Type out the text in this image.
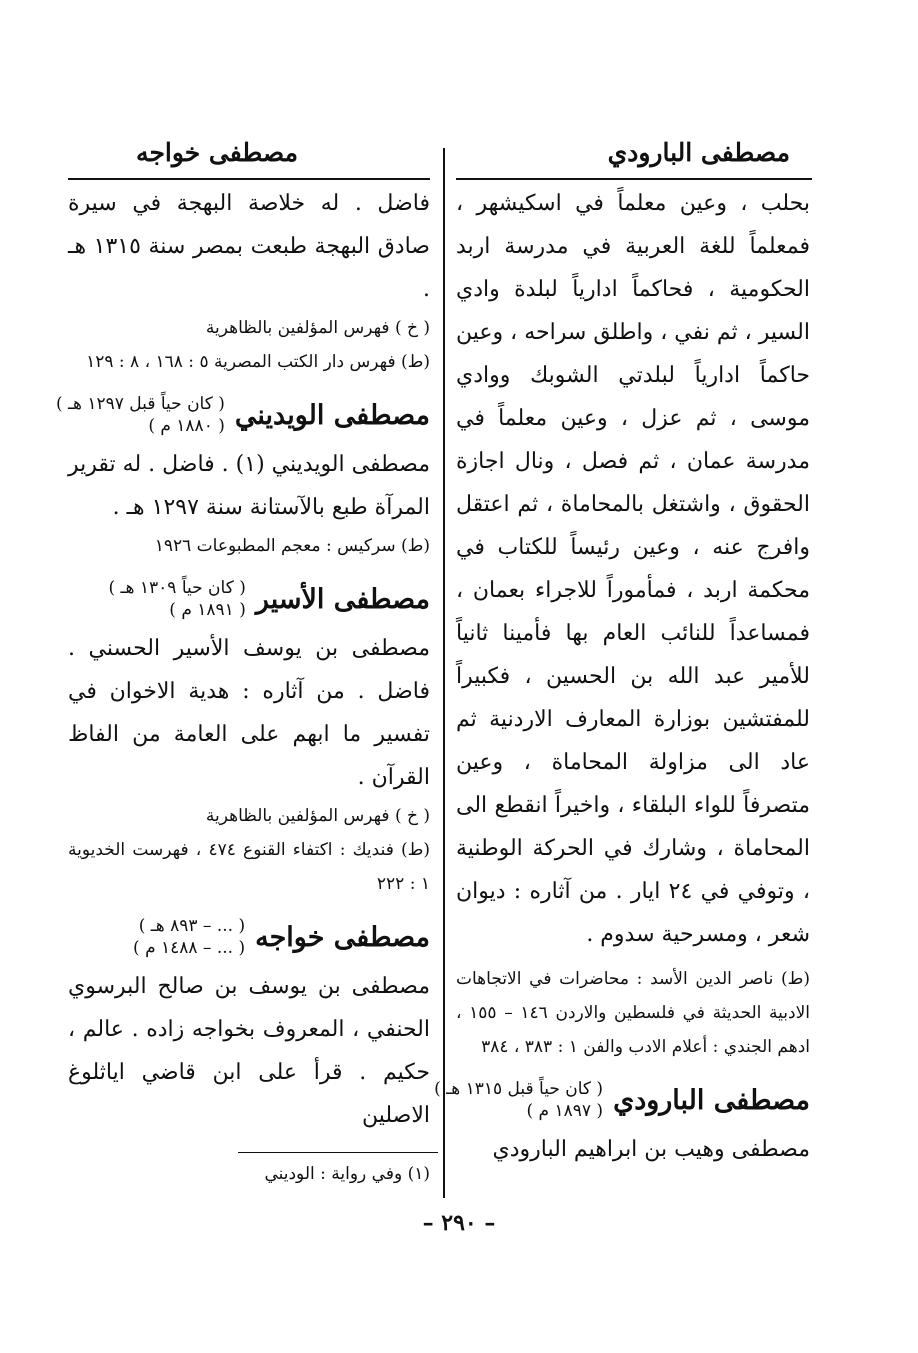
مصطفى البارودي
مصطفى خواجه

بحلب ، وعين معلماً في اسكيشهر ، فمعلماً للغة العربية في مدرسة اربد الحكومية ، فحاكماً ادارياً لبلدة وادي السير ، ثم نفي ، واطلق سراحه ، وعين حاكماً ادارياً لبلدتي الشوبك ووادي موسى ، ثم عزل ، وعين معلماً في مدرسة عمان ، ثم فصل ، ونال اجازة الحقوق ، واشتغل بالمحاماة ، ثم اعتقل وافرج عنه ، وعين رئيساً للكتاب في محكمة اربد ، فمأموراً للاجراء بعمان ، فمساعداً للنائب العام بها فأمينا ثانياً للأمير عبد الله بن الحسين ، فكبيراً للمفتشين بوزارة المعارف الاردنية ثم عاد الى مزاولة المحاماة ، وعين متصرفاً للواء البلقاء ، واخيراً انقطع الى المحاماة ، وشارك في الحركة الوطنية ، وتوفي في ٢٤ ايار . من آثاره : ديوان شعر ، ومسرحية سدوم .

(ط) ناصر الدين الأسد : محاضرات في الاتجاهات الادبية الحديثة في فلسطين والاردن ١٤٦ – ١٥٥ ، ادهم الجندي : أعلام الادب والفن ١ : ٣٨٣ ، ٣٨٤

مصطفى البارودي
( كان حياً قبل ١٣١٥ هـ )
( ١٨٩٧ م )

مصطفى وهيب بن ابراهيم البارودي

فاضل . له خلاصة البهجة في سيرة صادق البهجة طبعت بمصر سنة ١٣١٥ هـ .

( خ ) فهرس المؤلفين بالظاهرية

(ط) فهرس دار الكتب المصرية ٥ : ١٦٨ ، ٨ : ١٢٩

مصطفى الويديني
( كان حياً قبل ١٢٩٧ هـ )
( ١٨٨٠ م )

مصطفى الويديني (١) . فاضل . له تقرير المرآة طبع بالآستانة سنة ١٢٩٧ هـ .

(ط) سركيس : معجم المطبوعات ١٩٢٦

مصطفى الأسير
( كان حياً ١٣٠٩ هـ )
( ١٨٩١ م )

مصطفى بن يوسف الأسير الحسني . فاضل . من آثاره : هدية الاخوان في تفسير ما ابهم على العامة من الفاظ القرآن .

( خ ) فهرس المؤلفين بالظاهرية

(ط) فنديك : اكتفاء القنوع ٤٧٤ ، فهرست الخديوية ١ : ٢٢٢

مصطفى خواجه
( ... – ٨٩٣ هـ )
( ... – ١٤٨٨ م )

مصطفى بن يوسف بن صالح البرسوي الحنفي ، المعروف بخواجه زاده . عالم ، حكيم . قرأ على ابن قاضي اياثلوغ الاصلين

(١) وفي رواية : الوديني
– ٢٩٠ –
